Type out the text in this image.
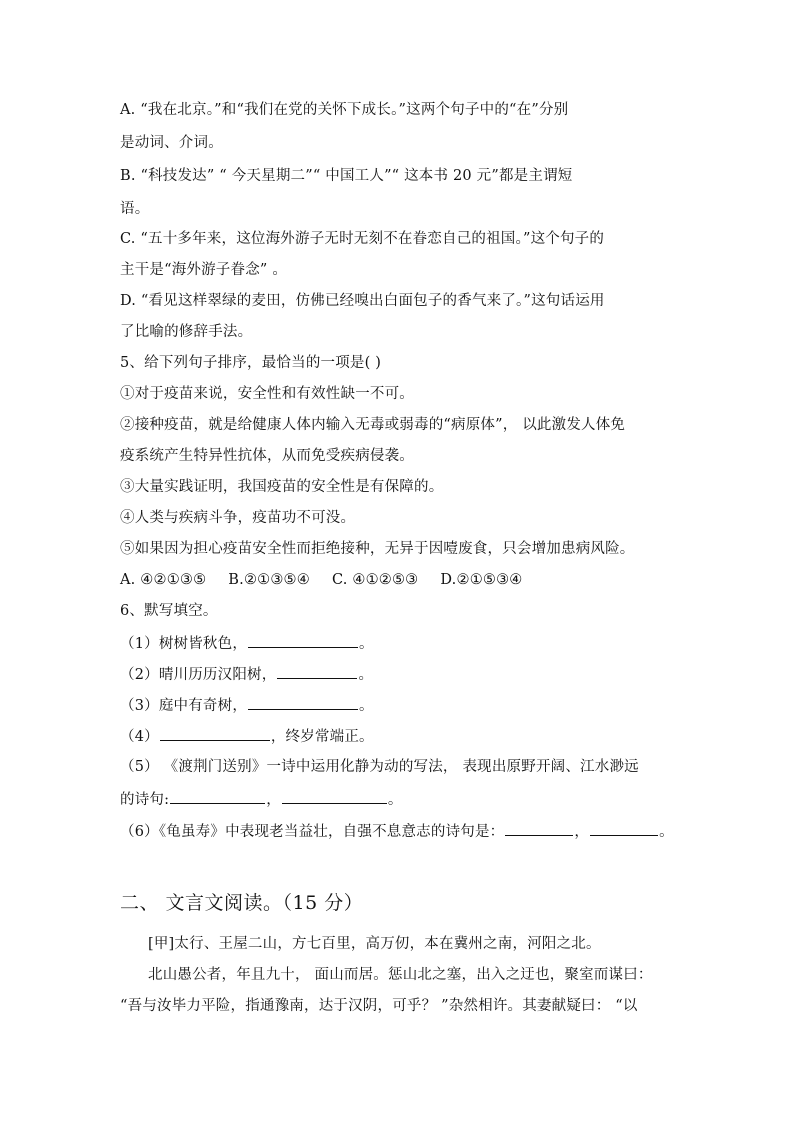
A. “我在北京。”和“我们在党的关怀下成长。”这两个句子中的“在”分别
是动词、介词。
B. “科技发达” “ 今天星期二”“ 中国工人”“ 这本书 20 元”都是主谓短
语。
C. “五十多年来，这位海外游子无时无刻不在眷恋自己的祖国。”这个句子的
主干是“海外游子眷念” 。
D. “看见这样翠绿的麦田，仿佛已经嗅出白面包子的香气来了。”这句话运用
了比喻的修辞手法。
5、给下列句子排序，最恰当的一项是( )
①对于疫苗来说，安全性和有效性缺一不可。
②接种疫苗，就是给健康人体内输入无毒或弱毒的“病原体”， 以此激发人体免
疫系统产生特异性抗体，从而免受疾病侵袭。
③大量实践证明，我国疫苗的安全性是有保障的。
④人类与疾病斗争，疫苗功不可没。
⑤如果因为担心疫苗安全性而拒绝接种，无异于因噎废食，只会增加患病风险。
A. ④②①③⑤ B.②①③⑤④ C. ④①②⑤③ D.②①⑤③④
6、默写填空。
（1）树树皆秋色，	。
（2）晴川历历汉阳树，	。
（3）庭中有奇树，	。
（4）	，终岁常端正。
（5） 《渡荆门送别》一诗中运用化静为动的写法， 表现出原野开阔、江水渺远
的诗句:	，	。
（6）《龟虽寿》中表现老当益壮，自强不息意志的诗句是：	，	。
二、 文言文阅读。（15 分）
[甲]太行、王屋二山，方七百里，高万仞，本在冀州之南，河阳之北。
北山愚公者，年且九十， 面山而居。惩山北之塞，出入之迂也，聚室而谋曰：
“吾与汝毕力平险，指通豫南，达于汉阴，可乎？ ”杂然相许。其妻献疑曰： “以
